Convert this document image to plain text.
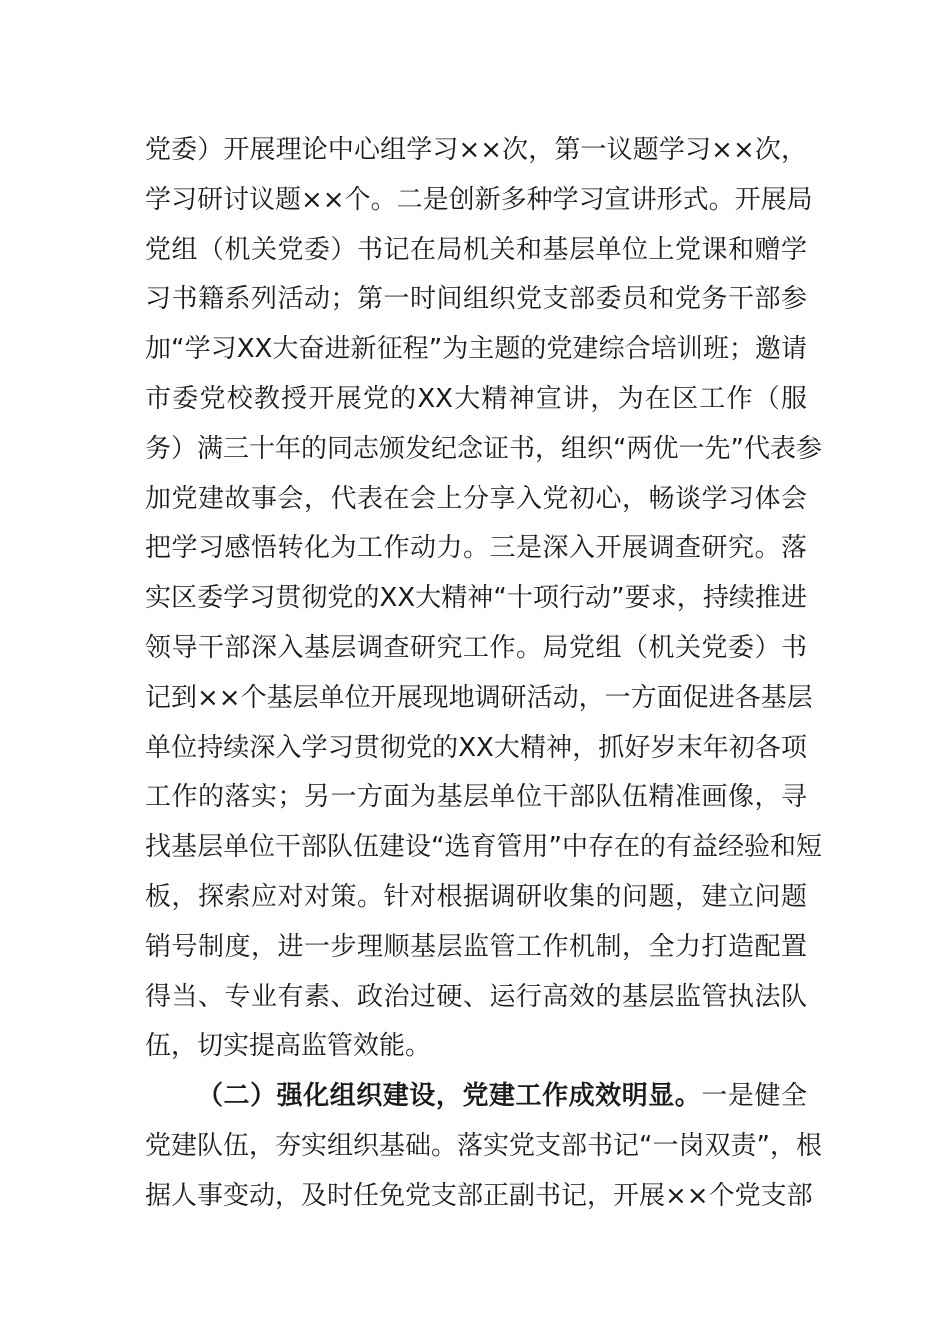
党委）开展理论中心组学习××次，第一议题学习××次，
学习研讨议题××个。二是创新多种学习宣讲形式。开展局
党组（机关党委）书记在局机关和基层单位上党课和赠学
习书籍系列活动；第一时间组织党支部委员和党务干部参
加“学习XX大奋进新征程”为主题的党建综合培训班；邀请
市委党校教授开展党的XX大精神宣讲，为在区工作（服
务）满三十年的同志颁发纪念证书，组织“两优一先”代表参
加党建故事会，代表在会上分享入党初心，畅谈学习体会
把学习感悟转化为工作动力。三是深入开展调查研究。落
实区委学习贯彻党的XX大精神“十项行动”要求，持续推进
领导干部深入基层调查研究工作。局党组（机关党委）书
记到××个基层单位开展现地调研活动，一方面促进各基层
单位持续深入学习贯彻党的XX大精神，抓好岁末年初各项
工作的落实；另一方面为基层单位干部队伍精准画像，寻
找基层单位干部队伍建设“选育管用”中存在的有益经验和短
板，探索应对对策。针对根据调研收集的问题，建立问题
销号制度，进一步理顺基层监管工作机制，全力打造配置
得当、专业有素、政治过硬、运行高效的基层监管执法队
伍，切实提高监管效能。
（二）强化组织建设，党建工作成效明显。一是健全
党建队伍，夯实组织基础。落实党支部书记“一岗双责”，根
据人事变动，及时任免党支部正副书记，开展××个党支部
